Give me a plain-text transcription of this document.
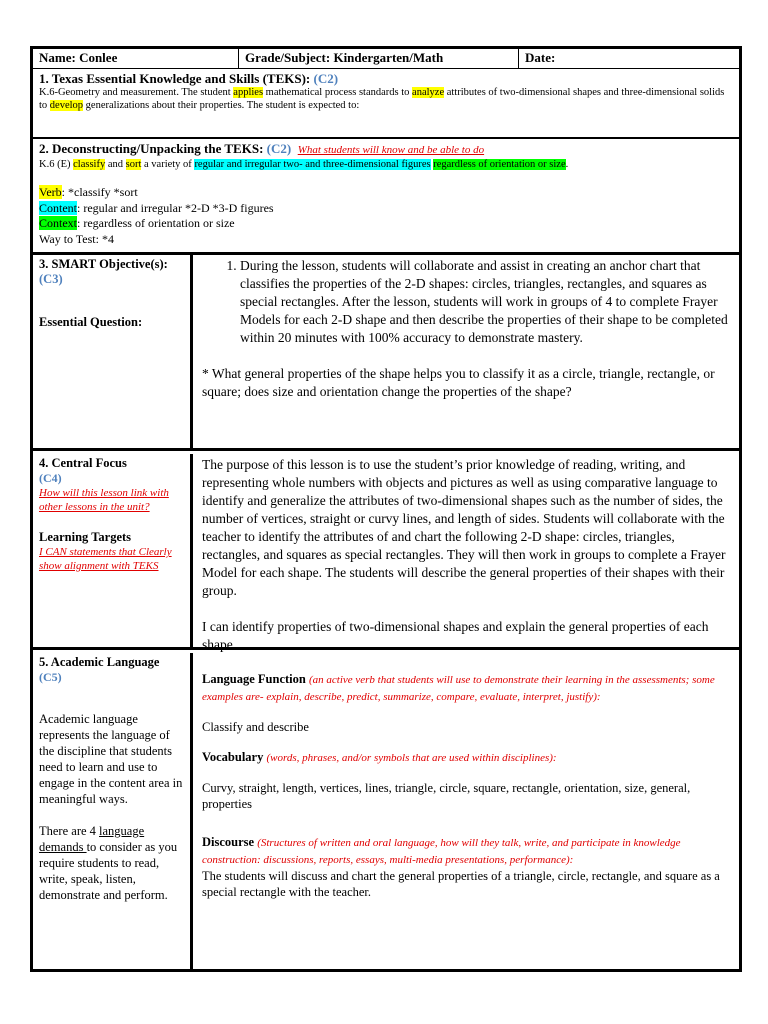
Name: Conlee	Grade/Subject: Kindergarten/Math	Date:
1. Texas Essential Knowledge and Skills (TEKS): (C2)
K.6-Geometry and measurement. The student applies mathematical process standards to analyze attributes of two-dimensional shapes and three-dimensional solids to develop generalizations about their properties. The student is expected to:
2. Deconstructing/Unpacking the TEKS: (C2) What students will know and be able to do
K.6 (E) classify and sort a variety of regular and irregular two- and three-dimensional figures regardless of orientation or size.
Verb: *classify *sort
Content: regular and irregular *2-D *3-D figures
Context: regardless of orientation or size
Way to Test: *4
3. SMART Objective(s):  (C3)
Essential Question:
1. During the lesson, students will collaborate and assist in creating an anchor chart that classifies the properties of the 2-D shapes: circles, triangles, rectangles, and squares as special rectangles. After the lesson, students will work in groups of 4 to complete Frayer Models for each 2-D shape and then describe the properties of their shape to be completed within 20 minutes with 100% accuracy to demonstrate mastery.
* What general properties of the shape helps you to classify it as a circle, triangle, rectangle, or square; does size and orientation change the properties of the shape?
4. Central Focus
(C4)
How will this lesson link with other lessons in the unit?
Learning Targets
I CAN statements that Clearly show alignment with TEKS
The purpose of this lesson is to use the student’s prior knowledge of reading, writing, and representing whole numbers with objects and pictures as well as using comparative language to identify and generalize the attributes of two-dimensional shapes such as the number of sides, the number of vertices, straight or curvy lines, and length of sides. Students will collaborate with the teacher to identify the attributes of and chart the following 2-D shape: circles, triangles, rectangles, and squares as special rectangles. They will then work in groups to complete a Frayer Model for each shape. The students will describe the general properties of their shapes with their group.
I can identify properties of two-dimensional shapes and explain the general properties of each shape.
5. Academic Language
(C5)
Academic language represents the language of the discipline that students need to learn and use to engage in the content area in meaningful ways.
There are 4 language demands to consider as you require students to read, write, speak, listen, demonstrate and perform.
Language Function (an active verb that students will use to demonstrate their learning in the assessments; some examples are- explain, describe, predict, summarize, compare, evaluate, interpret, justify):
Classify and describe
Vocabulary (words, phrases, and/or symbols that are used within disciplines):
Curvy, straight, length, vertices, lines, triangle, circle, square, rectangle, orientation, size, general, properties
Discourse (Structures of written and oral language, how will they talk, write, and participate in knowledge construction: discussions, reports, essays, multi-media presentations, performance):
The students will discuss and chart the general properties of a triangle, circle, rectangle, and square as a special rectangle with the teacher.
